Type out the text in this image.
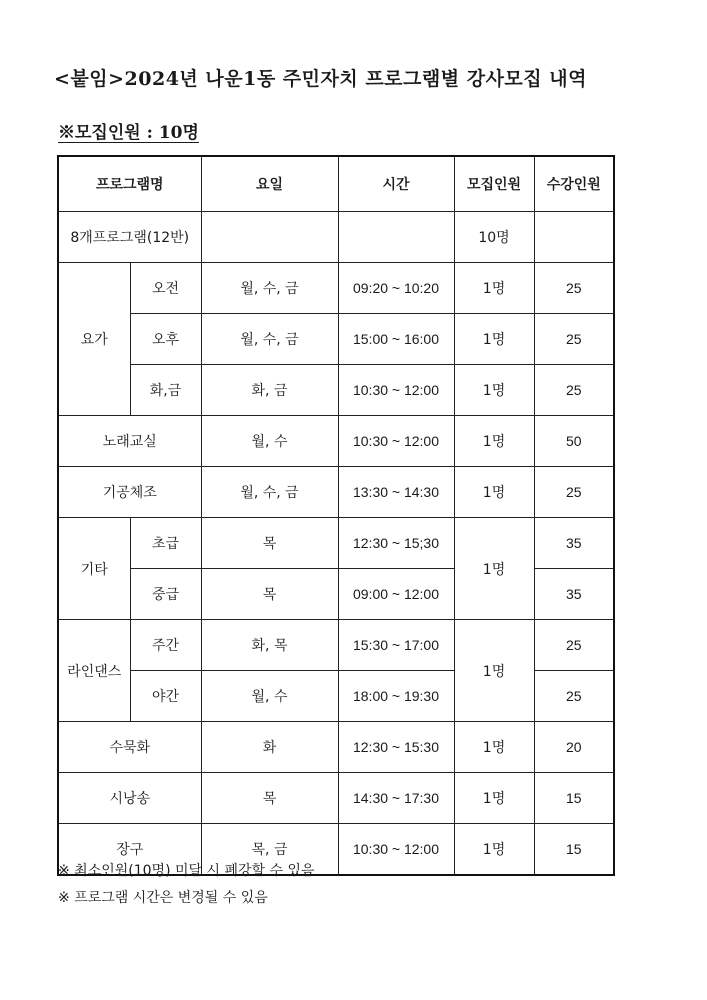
<붙임>2024년 나운1동 주민자치 프로그램별 강사모집 내역
※모집인원 : 10명
프로그램명		요일	시간	모집인원	수강인원
8개프로그램(12반)				10명	
요가	오전	월, 수, 금	09:20 ~ 10:20	1명	25
	오후	월, 수, 금	15:00 ~ 16:00	1명	25
	화,금	화, 금	10:30 ~ 12:00	1명	25
노래교실		월, 수	10:30 ~ 12:00	1명	50
기공체조		월, 수, 금	13:30 ~ 14:30	1명	25
기타	초급	목	12:30 ~ 15;30	1명	35
	중급	목	09:00 ~ 12:00		35
라인댄스	주간	화, 목	15:30 ~ 17:00	1명	25
	야간	월, 수	18:00 ~ 19:30		25
수묵화		화	12:30 ~ 15:30	1명	20
시낭송		목	14:30 ~ 17:30	1명	15
장구		목, 금	10:30 ~ 12:00	1명	15
※ 최소인원(10명) 미달 시 폐강할 수 있음
※ 프로그램 시간은 변경될 수 있음
